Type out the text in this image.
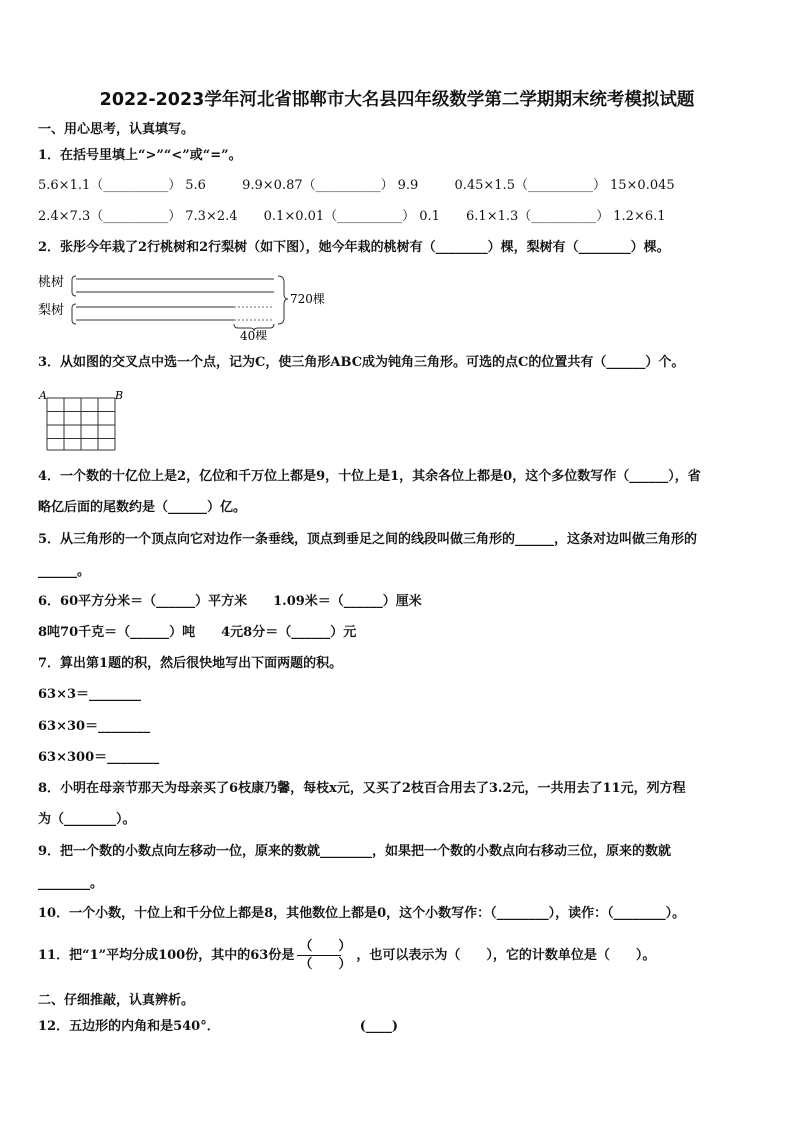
2022-2023学年河北省邯郸市大名县四年级数学第二学期期末统考模拟试题
一、用心思考，认真填写。
1．在括号里填上“>”“<”或“=”。
5.6×1.1（__________） 5.6	9.9×0.87（__________） 9.9	0.45×1.5（__________） 15×0.045
2.4×7.3（__________） 7.3×2.4 0.1×0.01（__________） 0.1 6.1×1.3（__________） 1.2×6.1
2．张彤今年栽了2行桃树和2行梨树（如下图），她今年栽的桃树有（________）棵，梨树有（________）棵。
桃树
梨树
720棵
40棵
3．从如图的交叉点中选一个点，记为C，使三角形ABC成为钝角三角形。可选的点C的位置共有（______）个。
A	B
4．一个数的十亿位上是2，亿位和千万位上都是9，十位上是1，其余各位上都是0，这个多位数写作（______），省
略亿后面的尾数约是（______）亿。
5．从三角形的一个顶点向它对边作一条垂线，顶点到垂足之间的线段叫做三角形的______，这条对边叫做三角形的
______。
6．60平方分米＝（______）平方米 1.09米＝（______）厘米
8吨70千克＝（______）吨 4元8分＝（______）元
7．算出第1题的积，然后很快地写出下面两题的积。
63×3＝________
63×30＝________
63×300＝________
8．小明在母亲节那天为母亲买了6枝康乃馨，每枝x元，又买了2枝百合用去了3.2元，一共用去了11元，列方程
为（________）。
9．把一个数的小数点向左移动一位，原来的数就________，如果把一个数的小数点向右移动三位，原来的数就
________。
10．一个小数，十位上和千分位上都是8，其他数位上都是0，这个小数写作：（________），读作：（________）。
11．把“1”平均分成100份，其中的63份是 $\frac{( )}{( )}$ ，也可以表示为（　　），它的计数单位是（　　）。
二、仔细推敲，认真辨析。
12．五边形的内角和是540°．	(____)
